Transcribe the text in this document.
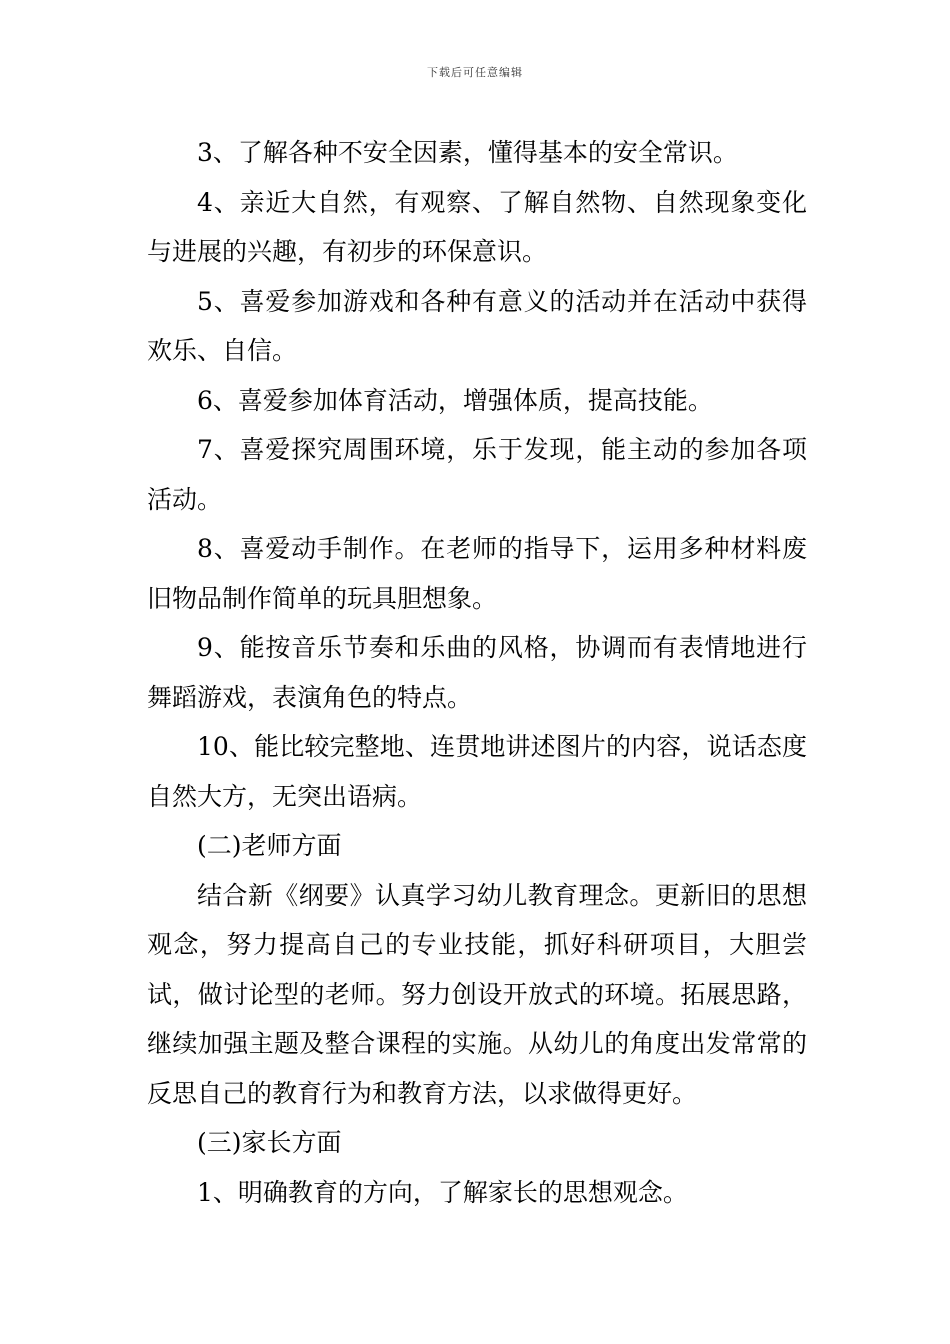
下载后可任意编辑

3、了解各种不安全因素，懂得基本的安全常识。

4、亲近大自然，有观察、了解自然物、自然现象变化与进展的兴趣，有初步的环保意识。

5、喜爱参加游戏和各种有意义的活动并在活动中获得欢乐、自信。

6、喜爱参加体育活动，增强体质，提高技能。

7、喜爱探究周围环境，乐于发现，能主动的参加各项活动。

8、喜爱动手制作。在老师的指导下，运用多种材料废旧物品制作简单的玩具胆想象。

9、能按音乐节奏和乐曲的风格，协调而有表情地进行舞蹈游戏，表演角色的特点。

10、能比较完整地、连贯地讲述图片的内容，说话态度自然大方，无突出语病。

(二)老师方面

结合新《纲要》认真学习幼儿教育理念。更新旧的思想观念，努力提高自己的专业技能，抓好科研项目，大胆尝试，做讨论型的老师。努力创设开放式的环境。拓展思路，继续加强主题及整合课程的实施。从幼儿的角度出发常常的反思自己的教育行为和教育方法，以求做得更好。

(三)家长方面

1、明确教育的方向，了解家长的思想观念。
